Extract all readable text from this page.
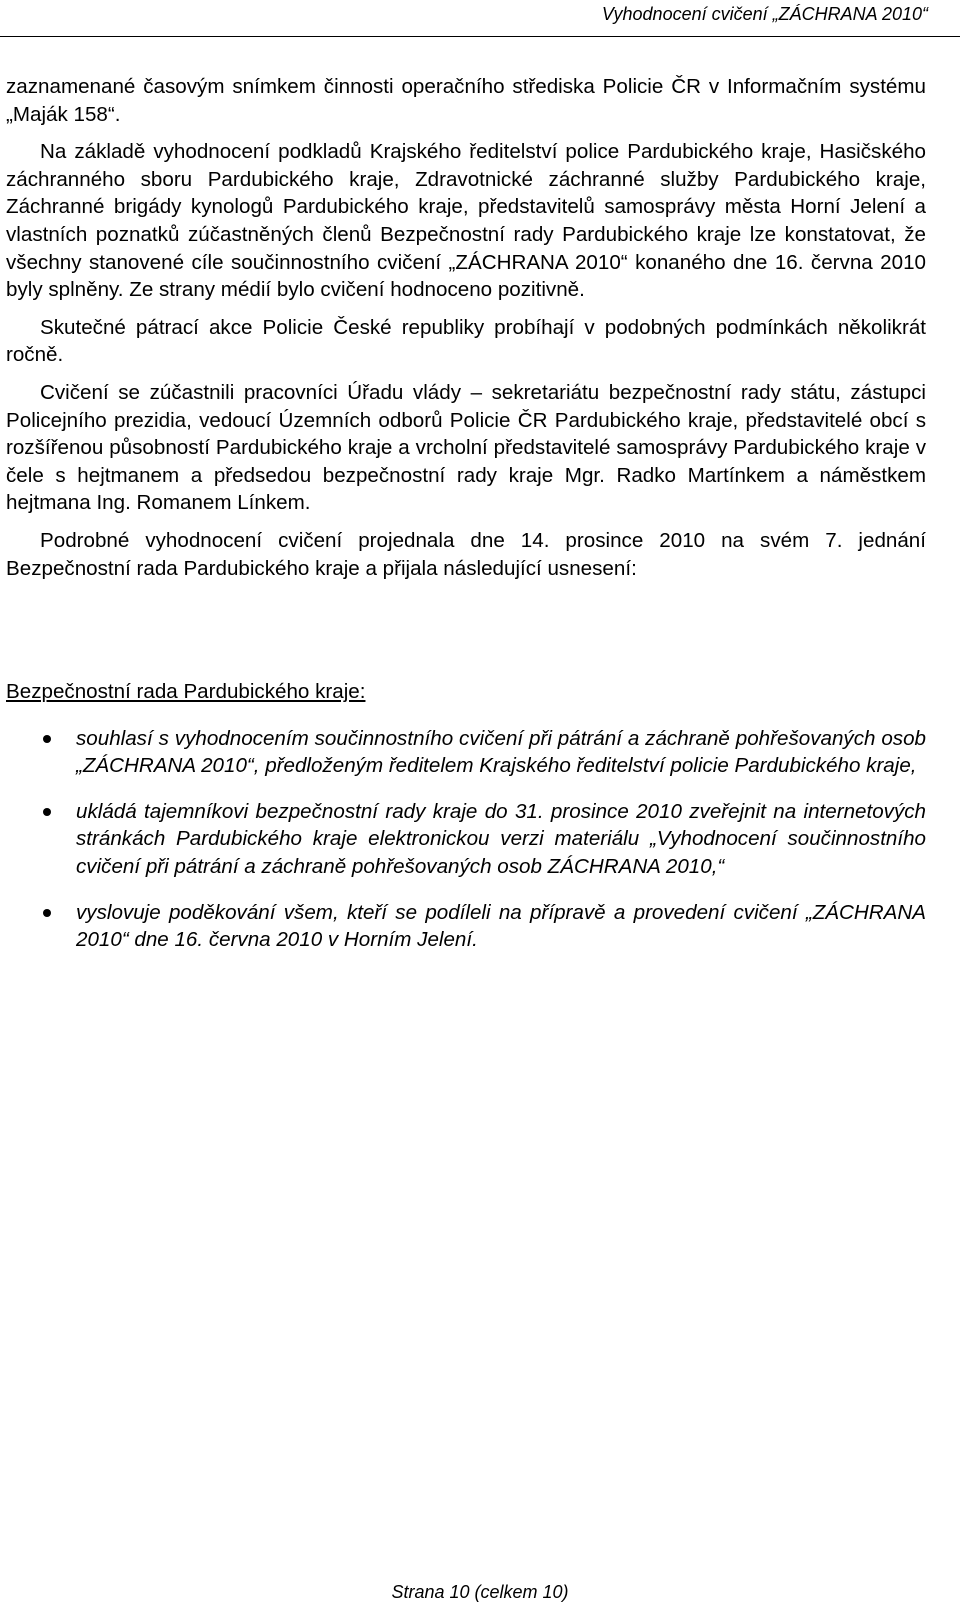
Vyhodnocení cvičení „ZÁCHRANA 2010“

zaznamenané časovým snímkem činnosti operačního střediska Policie ČR v Informačním systému „Maják 158“.

Na základě vyhodnocení podkladů Krajského ředitelství police Pardubického kraje, Hasičského záchranného sboru Pardubického kraje, Zdravotnické záchranné služby Pardubického kraje, Záchranné brigády kynologů Pardubického kraje, představitelů samosprávy města Horní Jelení a vlastních poznatků zúčastněných členů Bezpečnostní rady Pardubického kraje lze konstatovat, že všechny stanovené cíle součinnostního cvičení „ZÁCHRANA 2010“ konaného dne 16. června 2010 byly splněny. Ze strany médií bylo cvičení hodnoceno pozitivně.

Skutečné pátrací akce Policie České republiky probíhají v podobných podmínkách několikrát ročně.

Cvičení se zúčastnili pracovníci Úřadu vlády – sekretariátu bezpečnostní rady státu, zástupci Policejního prezidia, vedoucí Územních odborů Policie ČR Pardubického kraje, představitelé obcí s rozšířenou působností Pardubického kraje a vrcholní představitelé samosprávy Pardubického kraje v čele s hejtmanem a předsedou bezpečnostní rady kraje Mgr. Radko Martínkem a náměstkem hejtmana Ing. Romanem Línkem.

Podrobné vyhodnocení cvičení projednala dne 14. prosince 2010 na svém 7. jednání Bezpečnostní rada Pardubického kraje a přijala následující usnesení:

Bezpečnostní rada Pardubického kraje:
souhlasí s vyhodnocením součinnostního cvičení při pátrání a záchraně pohřešovaných osob „ZÁCHRANA 2010“, předloženým ředitelem Krajského ředitelství policie Pardubického kraje,
ukládá tajemníkovi bezpečnostní rady kraje do 31. prosince 2010 zveřejnit na internetových stránkách Pardubického kraje elektronickou verzi materiálu „Vyhodnocení součinnostního cvičení při pátrání a záchraně pohřešovaných osob ZÁCHRANA 2010,“
vyslovuje poděkování všem, kteří se podíleli na přípravě a provedení cvičení „ZÁCHRANA 2010“ dne 16. června 2010 v Horním Jelení.
Strana 10 (celkem 10)
